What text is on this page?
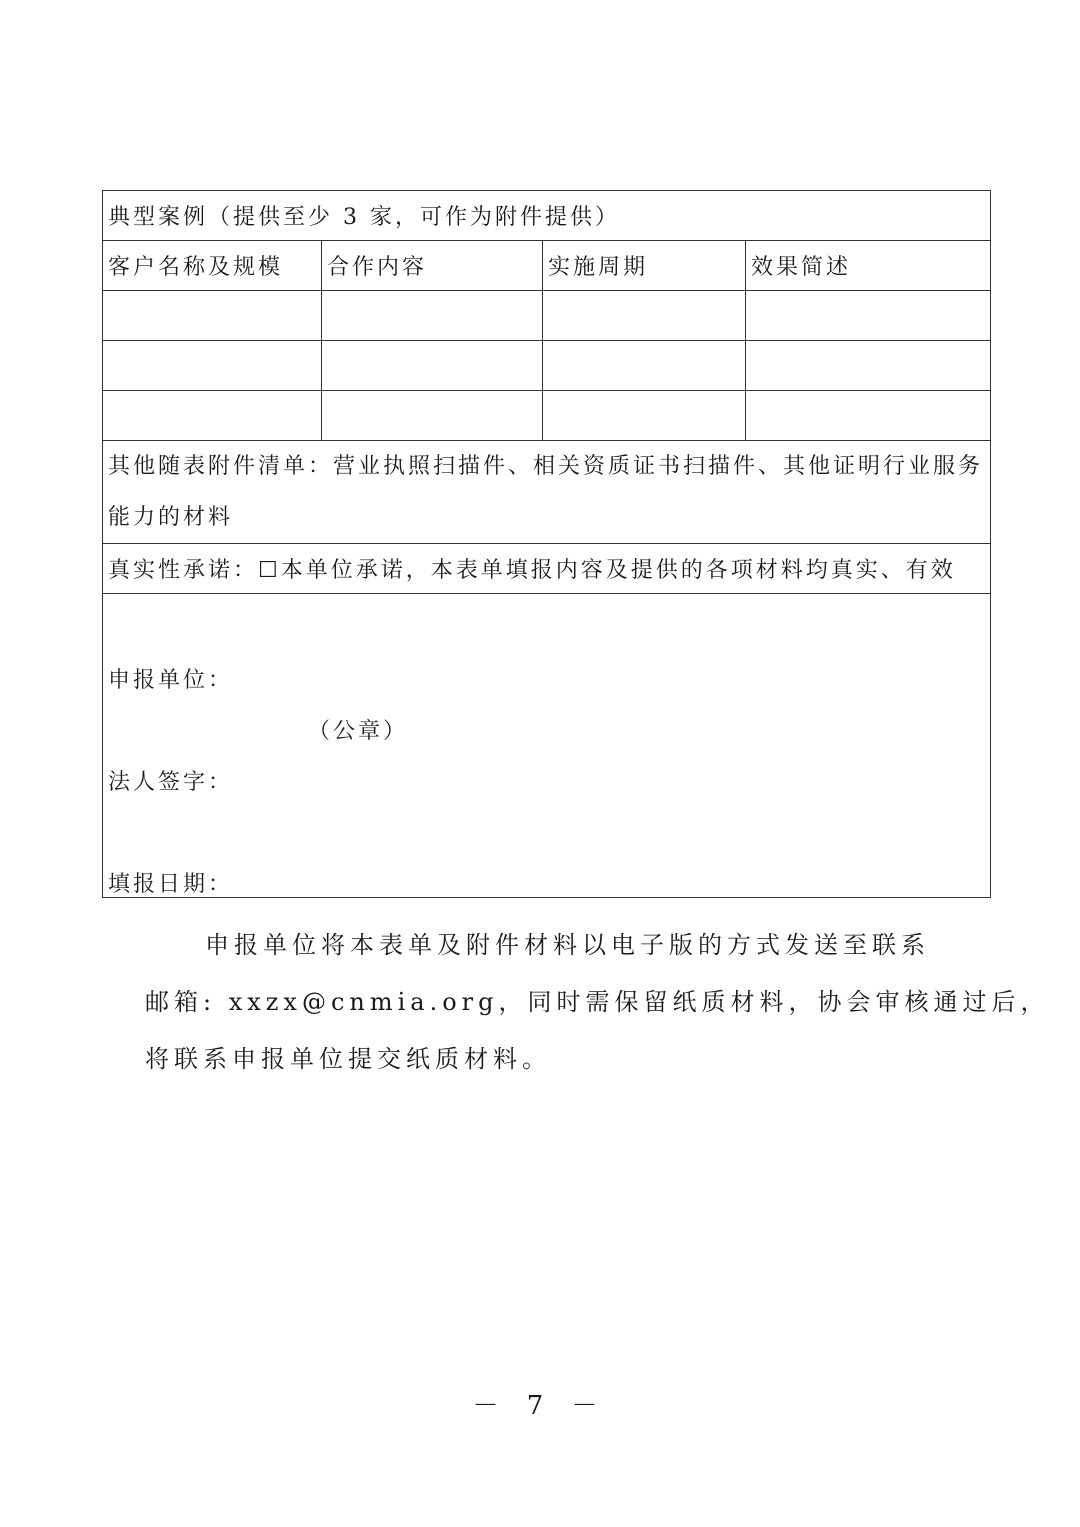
典型案例（提供至少 3 家，可作为附件提供）			
客户名称及规模	合作内容	实施周期	效果简述

其他随表附件清单：营业执照扫描件、相关资质证书扫描件、其他证明行业服务能力的材料			
真实性承诺：☐本单位承诺，本表单填报内容及提供的各项材料均真实、有效			

申报单位：
（公章）
法人签字：
填报日期：			
申报单位将本表单及附件材料以电子版的方式发送至联系
邮箱: xxzx@cnmia.org，同时需保留纸质材料，协会审核通过后，
将联系申报单位提交纸质材料。
－ 7 －
